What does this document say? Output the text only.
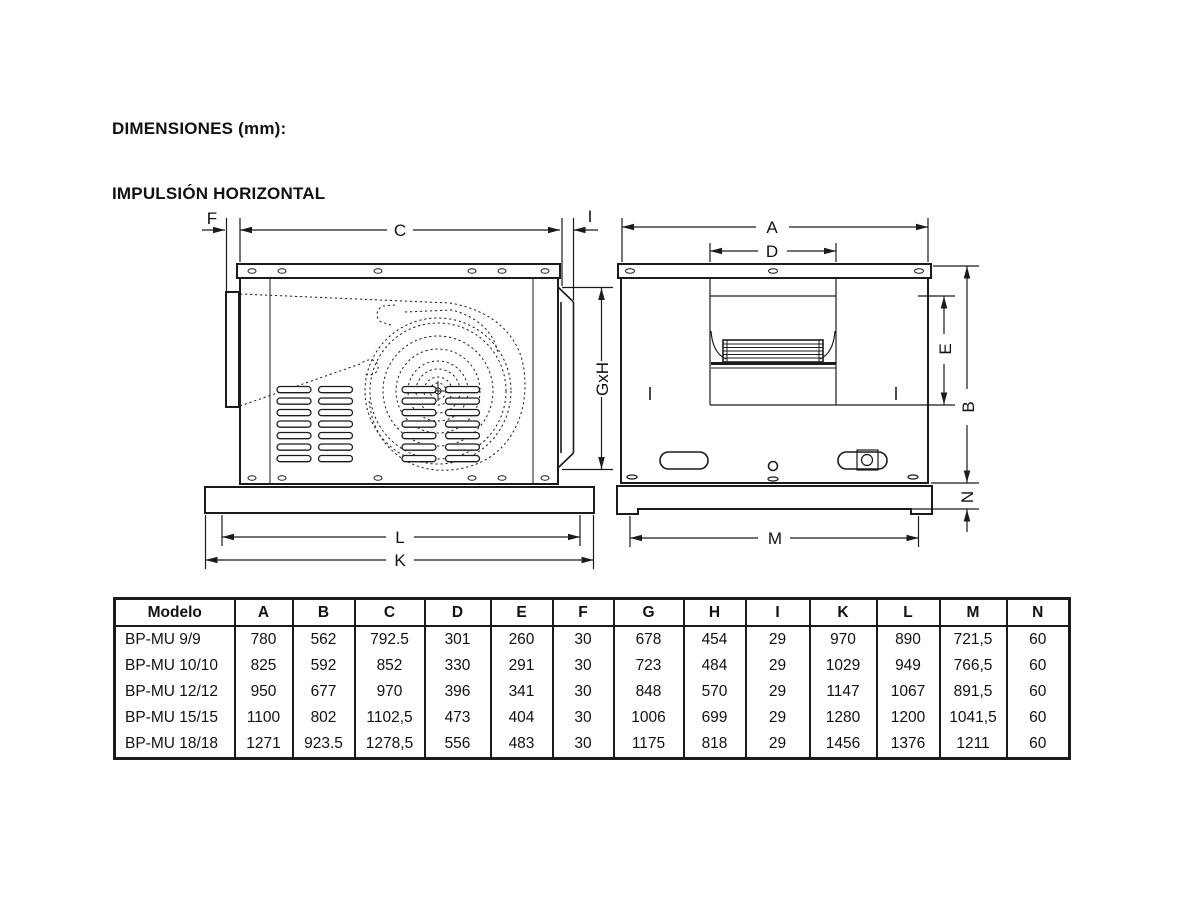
DIMENSIONES (mm):
IMPULSIÓN HORIZONTAL
F
C
I
GxH
L
K
A
D
E
B
N
M
Modelo	A	B	C	D	E	F	G	H	I	K	L	M	N
BP-MU 9/9	780	562	792.5	301	260	30	678	454	29	970	890	721,5	60
BP-MU 10/10	825	592	852	330	291	30	723	484	29	1029	949	766,5	60
BP-MU 12/12	950	677	970	396	341	30	848	570	29	1147	1067	891,5	60
BP-MU 15/15	1100	802	1102,5	473	404	30	1006	699	29	1280	1200	1041,5	60
BP-MU 18/18	1271	923.5	1278,5	556	483	30	1175	818	29	1456	1376	1211	60
